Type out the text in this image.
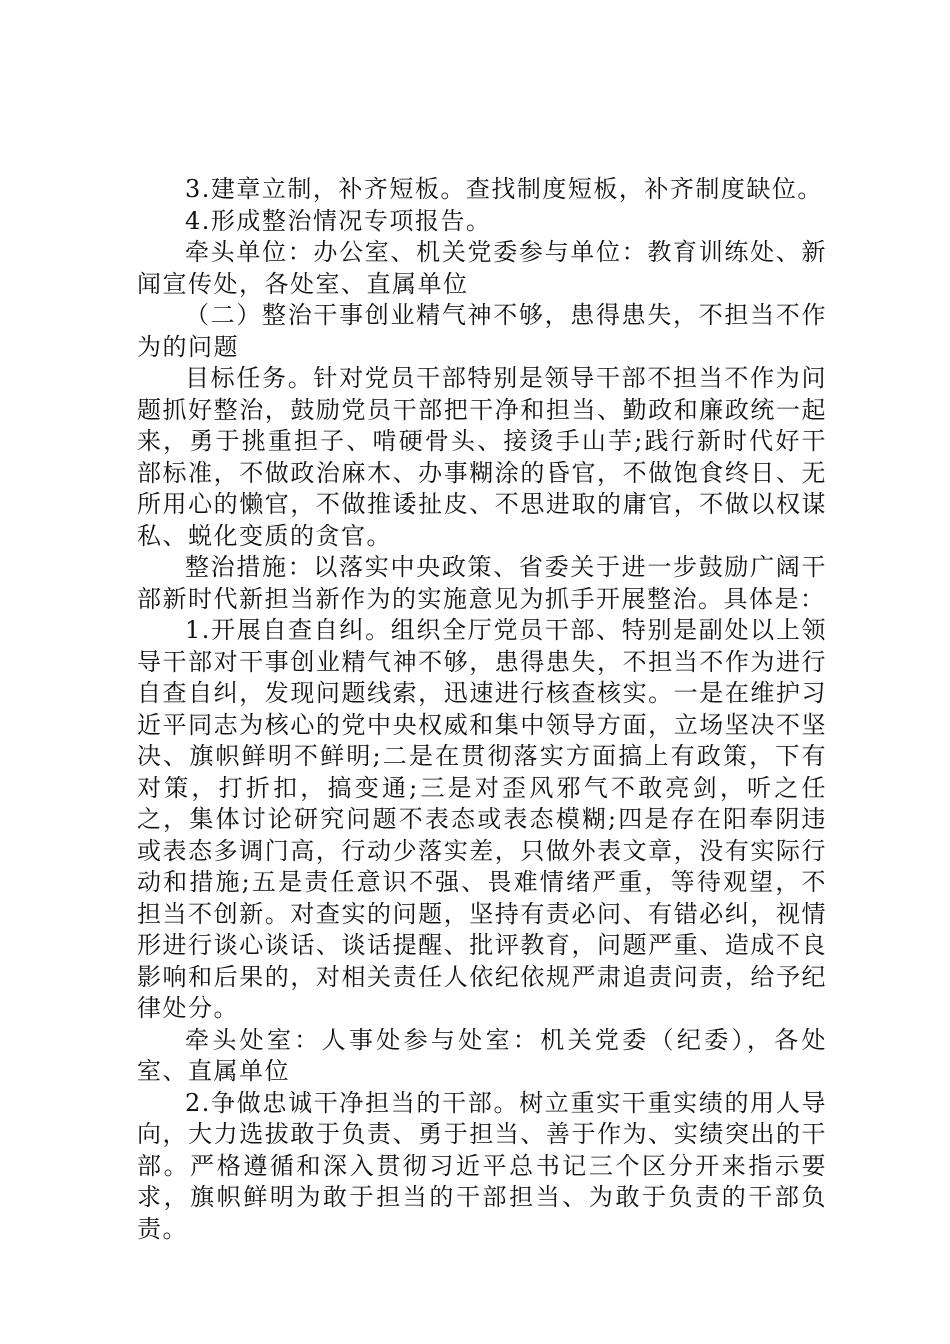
3.建章立制，补齐短板。查找制度短板，补齐制度缺位。

4.形成整治情况专项报告。

牵头单位：办公室、机关党委参与单位：教育训练处、新闻宣传处，各处室、直属单位

（二）整治干事创业精气神不够，患得患失，不担当不作为的问题

目标任务。针对党员干部特别是领导干部不担当不作为问题抓好整治，鼓励党员干部把干净和担当、勤政和廉政统一起来，勇于挑重担子、啃硬骨头、接烫手山芋;践行新时代好干部标准，不做政治麻木、办事糊涂的昏官，不做饱食终日、无所用心的懒官，不做推诿扯皮、不思进取的庸官，不做以权谋私、蜕化变质的贪官。

整治措施：以落实中央政策、省委关于进一步鼓励广阔干部新时代新担当新作为的实施意见为抓手开展整治。具体是：

1.开展自查自纠。组织全厅党员干部、特别是副处以上领导干部对干事创业精气神不够，患得患失，不担当不作为进行自查自纠，发现问题线索，迅速进行核查核实。一是在维护习近平同志为核心的党中央权威和集中领导方面，立场坚决不坚决、旗帜鲜明不鲜明;二是在贯彻落实方面搞上有政策，下有对策，打折扣，搞变通;三是对歪风邪气不敢亮剑，听之任之，集体讨论研究问题不表态或表态模糊;四是存在阳奉阴违或表态多调门高，行动少落实差，只做外表文章，没有实际行动和措施;五是责任意识不强、畏难情绪严重，等待观望，不担当不创新。对查实的问题，坚持有责必问、有错必纠，视情形进行谈心谈话、谈话提醒、批评教育，问题严重、造成不良影响和后果的，对相关责任人依纪依规严肃追责问责，给予纪律处分。

牵头处室：人事处参与处室：机关党委（纪委），各处室、直属单位

2.争做忠诚干净担当的干部。树立重实干重实绩的用人导向，大力选拔敢于负责、勇于担当、善于作为、实绩突出的干部。严格遵循和深入贯彻习近平总书记三个区分开来指示要求，旗帜鲜明为敢于担当的干部担当、为敢于负责的干部负责。
